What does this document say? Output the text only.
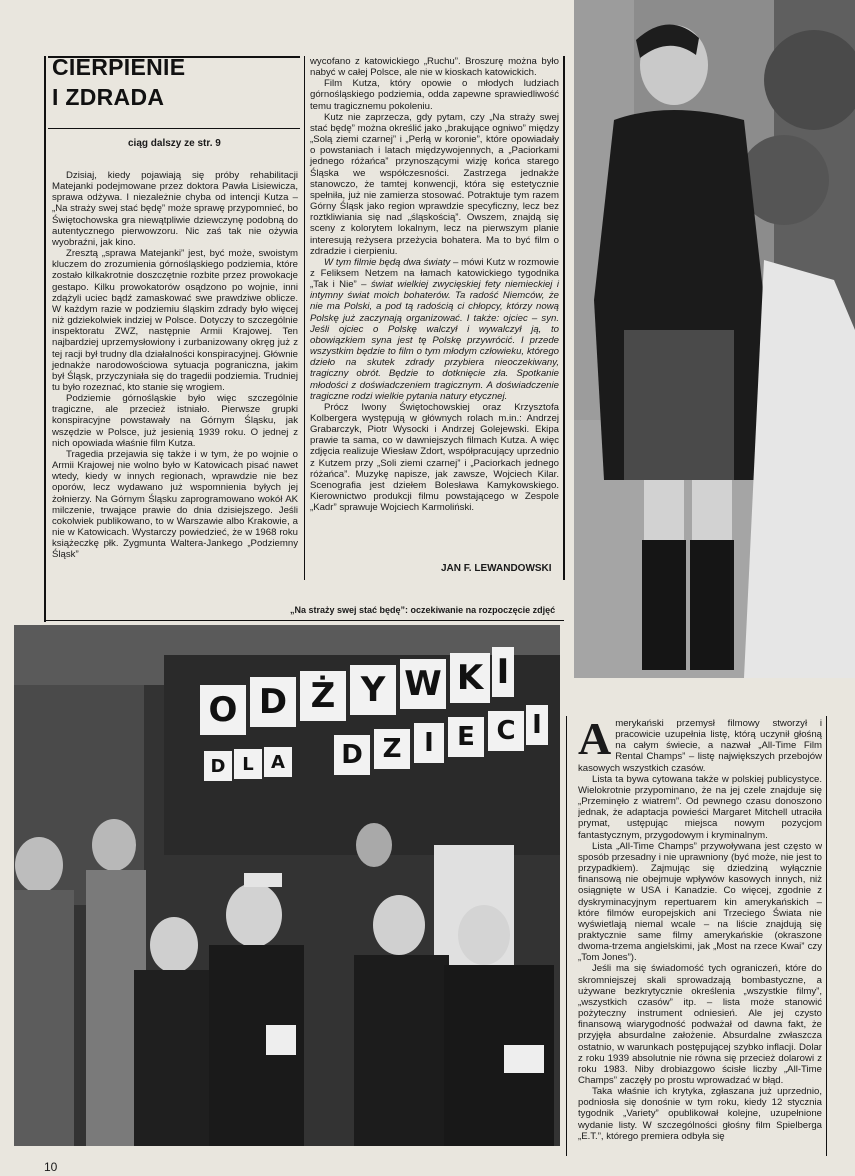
CIERPIENIE
I ZDRADA
ciąg dalszy ze str. 9

Dzisiaj, kiedy pojawiają się próby rehabilitacji Matejanki podejmowane przez doktora Pawła Lisiewicza, sprawa odżywa. I niezależnie chyba od intencji Kutza – „Na straży swej stać będę” może sprawę przypomnieć, bo Świętochowska gra niewątpliwie dziewczynę podobną do autentycznego pierwowzoru. Nic zaś tak nie ożywia wyobraźni, jak kino.

Zresztą „sprawa Matejanki” jest, być może, swoistym kluczem do zrozumienia górnośląskiego podziemia, które zostało kilkakrotnie doszczętnie rozbite przez prowokacje gestapo. Kilku prowokatorów osądzono po wojnie, inni zdążyli uciec bądź zamaskować swe prawdziwe oblicze. W każdym razie w podziemiu śląskim zdrady było więcej niż gdziekolwiek indziej w Polsce. Dotyczy to szczególnie inspektoratu ZWZ, następnie Armii Krajowej. Ten najbardziej uprzemysłowiony i zurbanizowany okręg już z tej racji był trudny dla działalności konspiracyjnej. Głównie jednakże narodowościowa sytuacja pograniczna, jakim był Śląsk, przyczyniała się do tragedii podziemia. Trudniej tu było rozeznać, kto stanie się wrogiem.

Podziemie górnośląskie było więc szczególnie tragiczne, ale przecież istniało. Pierwsze grupki konspiracyjne powstawały na Górnym Śląsku, jak wszędzie w Polsce, już jesienią 1939 roku. O jednej z nich opowiada właśnie film Kutza.

Tragedia przejawia się także i w tym, że po wojnie o Armii Krajowej nie wolno było w Katowicach pisać nawet wtedy, kiedy w innych regionach, wprawdzie nie bez oporów, lecz wydawano już wspomnienia byłych jej żołnierzy. Na Górnym Śląsku zaprogramowano wokół AK milczenie, trwające prawie do dnia dzisiejszego. Jeśli cokolwiek publikowano, to w Warszawie albo Krakowie, a nie w Katowicach. Wystarczy powiedzieć, że w 1968 roku książeczkę płk. Zygmunta Waltera-Jankego „Podziemny Śląsk”

wycofano z katowickiego „Ruchu”. Broszurę można było nabyć w całej Polsce, ale nie w kioskach katowickich.

Film Kutza, który opowie o młodych ludziach górnośląskiego podziemia, odda zapewne sprawiedliwość temu tragicznemu pokoleniu.

Kutz nie zaprzecza, gdy pytam, czy „Na straży swej stać będę” można określić jako „brakujące ogniwo” między „Solą ziemi czarnej” i „Perłą w koronie”, które opowiadały o powstaniach i latach międzywojennych, a „Paciorkami jednego różańca” przynoszącymi wizję końca starego Śląska we współczesności. Zastrzega jednakże stanowczo, że tamtej konwencji, która się estetycznie spełniła, już nie zamierza stosować. Potraktuje tym razem Górny Śląsk jako region wprawdzie specyficzny, lecz bez roztkliwiania się nad „śląskością”. Owszem, znajdą się sceny z kolorytem lokalnym, lecz na pierwszym planie interesują reżysera przeżycia bohatera. Ma to być film o zdradzie i cierpieniu.

W tym filmie będą dwa światy – mówi Kutz w rozmowie z Feliksem Netzem na łamach katowickiego tygodnika „Tak i Nie” – świat wielkiej zwycięskiej fety niemieckiej i intymny świat moich bohaterów. Ta radość Niemców, że nie ma Polski, a pod tą radością ci chłopcy, którzy nową Polskę już zaczynają organizować. I także: ojciec – syn. Jeśli ojciec o Polskę walczył i wywalczył ją, to obowiązkiem syna jest tę Polskę przywrócić. I przede wszystkim będzie to film o tym młodym człowieku, którego dzieło na skutek zdrady przybiera nieoczekiwany, tragiczny obrót. Będzie to dotknięcie zła. Spotkanie młodości z doświadczeniem tragicznym. A doświadczenie tragiczne rodzi wielkie pytania natury etycznej.

Prócz Iwony Świętochowskiej oraz Krzysztofa Kolbergera występują w głównych rolach m.in.: Andrzej Grabarczyk, Piotr Wysocki i Andrzej Golejewski. Ekipa prawie ta sama, co w dawniejszych filmach Kutza. A więc zdjęcia realizuje Wiesław Zdort, współpracujący uprzednio z Kutzem przy „Soli ziemi czarnej” i „Paciorkach jednego różańca”. Muzykę napisze, jak zawsze, Wojciech Kilar. Scenografia jest dziełem Bolesława Kamykowskiego. Kierownictwo produkcji filmu powstającego w Zespole „Kadr” sprawuje Wojciech Karmoliński.

JAN F. LEWANDOWSKI
O D Ż Y W K I
D L A D Z I E C I
„Na straży swej stać będę”: oczekiwanie na rozpoczęcie zdjęć

Amerykański przemysł filmowy stworzył i pracowicie uzupełnia listę, którą uczynił głośną na całym świecie, a nazwał „All-Time Film Rental Champs” – listę największych przebojów kasowych wszystkich czasów.

Lista ta bywa cytowana także w polskiej publicystyce. Wielokrotnie przypominano, że na jej czele znajduje się „Przeminęło z wiatrem”. Od pewnego czasu donoszono jednak, że adaptacja powieści Margaret Mitchell utraciła prymat, ustępując miejsca nowym pozycjom fantastycznym, przygodowym i kryminalnym.

Lista „All-Time Champs” przywoływana jest często w sposób przesadny i nie uprawniony (być może, nie jest to przypadkiem). Zajmując się dziedziną wyłącznie finansową nie obejmuje wpływów kasowych innych, niż osiągnięte w USA i Kanadzie. Co więcej, zgodnie z dyskryminacyjnym repertuarem kin amerykańskich – które filmów europejskich ani Trzeciego Świata nie wyświetlają niemal wcale – na liście znajdują się praktycznie same filmy amerykańskie (okraszone dwoma-trzema angielskimi, jak „Most na rzece Kwai” czy „Tom Jones”).

Jeśli ma się świadomość tych ograniczeń, które do skromniejszej skali sprowadzają bombastyczne, a używane bezkrytycznie określenia „wszystkie filmy”, „wszystkich czasów” itp. – lista może stanowić pożyteczny instrument odniesień. Ale jej czysto finansową wiarygodność podważał od dawna fakt, że przyjęła absurdalne założenie. Absurdalne zwłaszcza ostatnio, w warunkach postępującej szybko inflacji. Dolar z roku 1939 absolutnie nie równa się przecież dolarowi z roku 1983. Niby drobiazgowo ścisłe liczby „All-Time Champs” zaczęły po prostu wprowadzać w błąd.

Taka właśnie ich krytyka, zgłaszana już uprzednio, podniosła się donośnie w tym roku, kiedy 12 stycznia tygodnik „Variety” opublikował kolejne, uzupełnione wydanie listy. W szczególności głośny film Spielberga „E.T.”, którego premiera odbyła się

10
